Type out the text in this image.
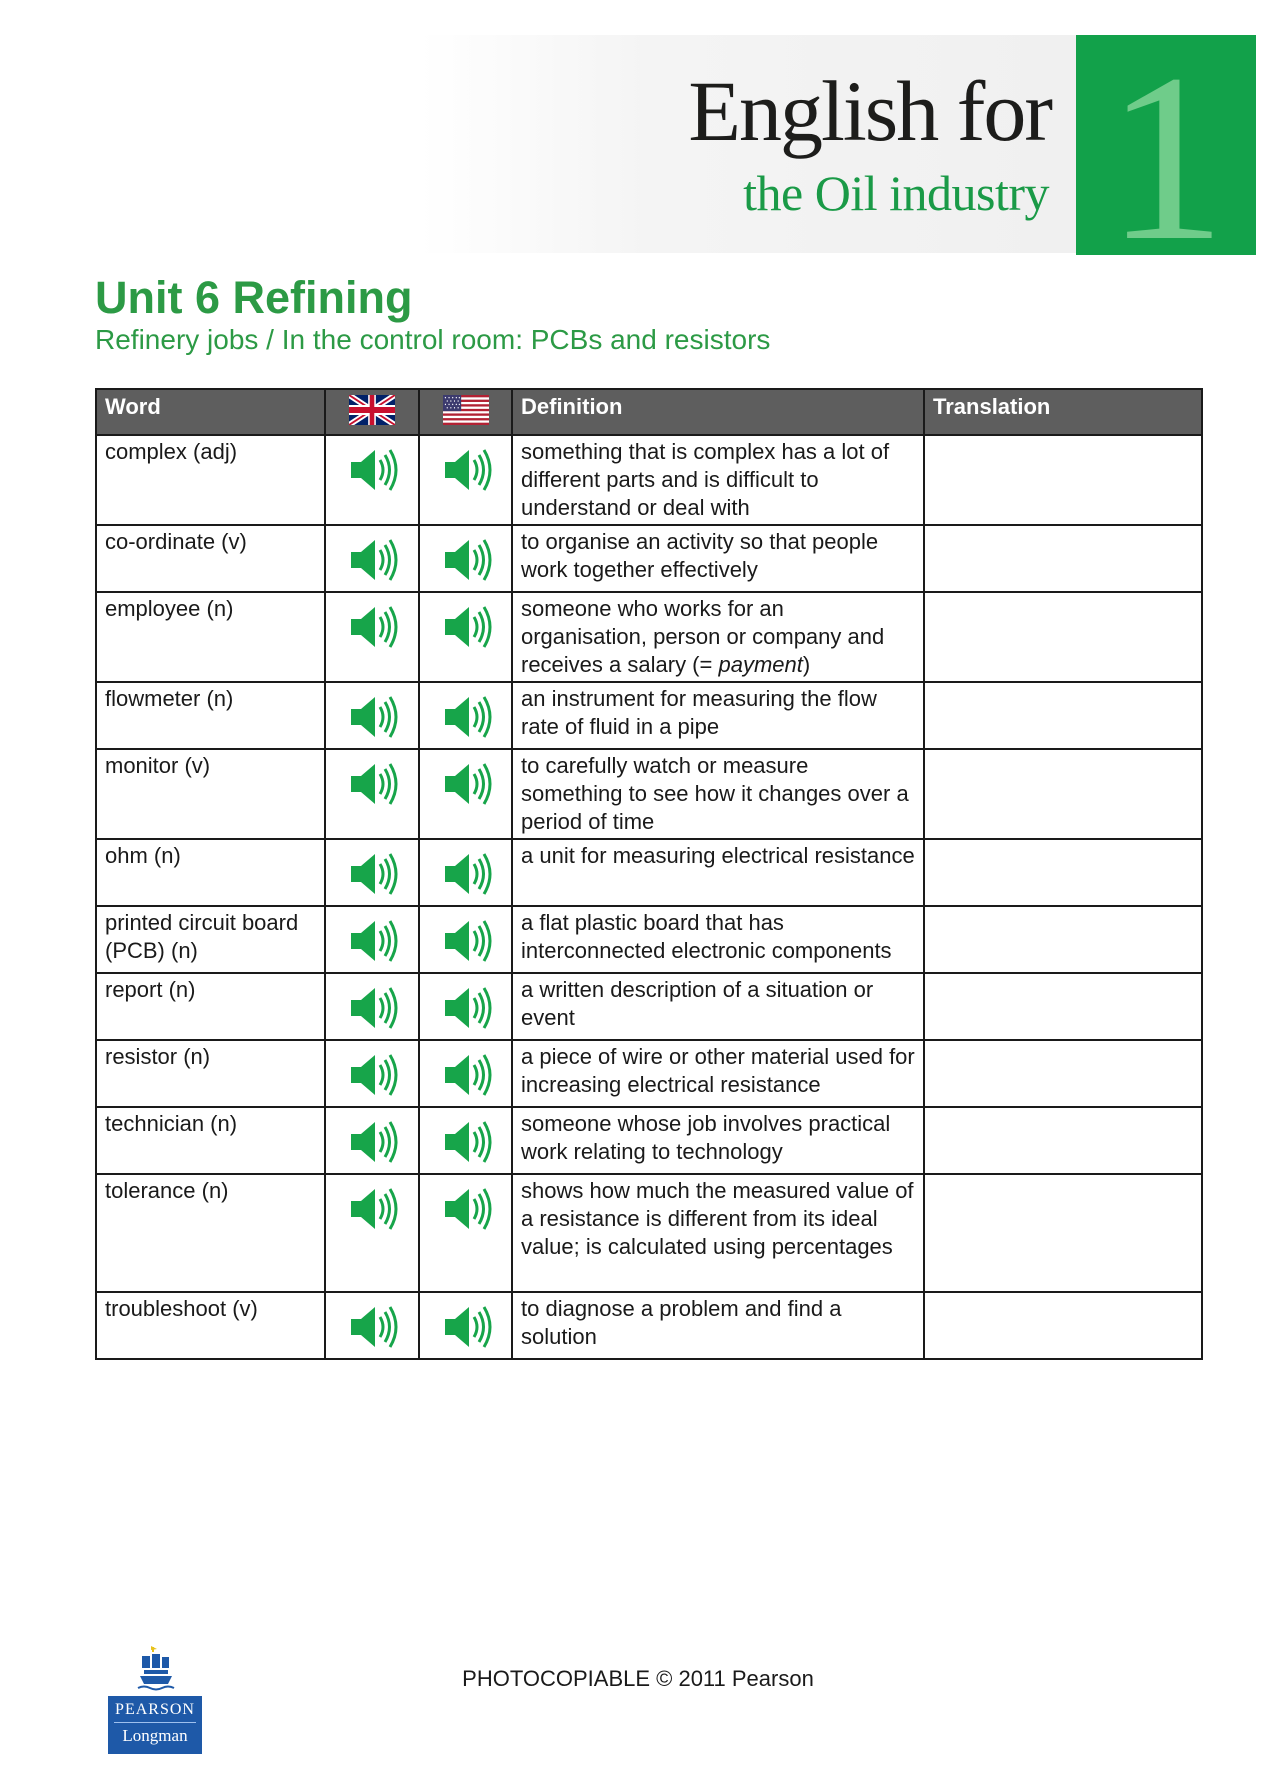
English for
the Oil industry 1
Unit 6 Refining
Refinery jobs / In the control room: PCBs and resistors
Word			Definition	Translation
complex (adj)			something that is complex has a lot of different parts and is difficult to understand or deal with	
co-ordinate (v)			to organise an activity so that people work together effectively	
employee (n)			someone who works for an organisation, person or company and receives a salary (= payment)	
flowmeter (n)			an instrument for measuring the flow rate of fluid in a pipe	
monitor (v)			to carefully watch or measure something to see how it changes over a period of time	
ohm (n)			a unit for measuring electrical resistance	
printed circuit board (PCB) (n)			a flat plastic board that has interconnected electronic components	
report (n)			a written description of a situation or event	
resistor (n)			a piece of wire or other material used for increasing electrical resistance	
technician (n)			someone whose job involves practical work relating to technology	
tolerance (n)			shows how much the measured value of a resistance is different from its ideal value; is calculated using percentages	
troubleshoot (v)			to diagnose a problem and find a solution	
PEARSON
Longman
PHOTOCOPIABLE © 2011 Pearson
